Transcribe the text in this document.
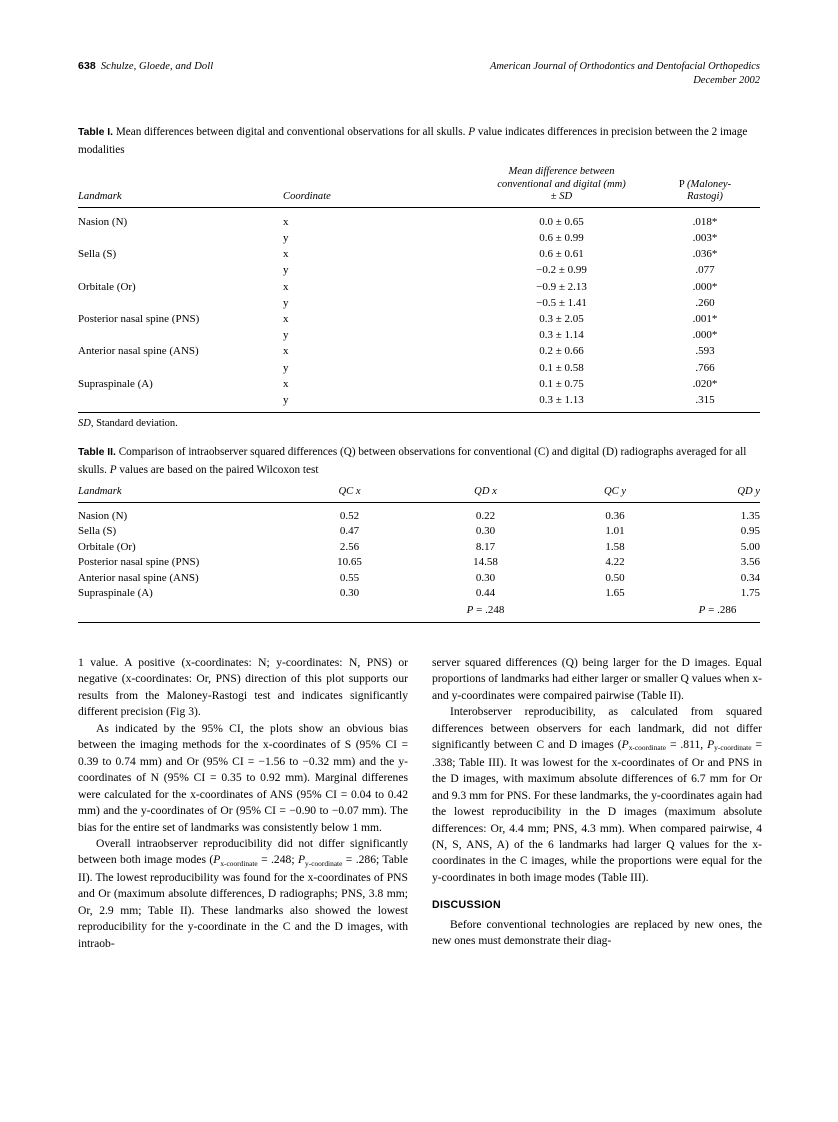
638 Schulze, Gloede, and Doll	American Journal of Orthodontics and Dentofacial Orthopedics
December 2002
Table I. Mean differences between digital and conventional observations for all skulls. P value indicates differences in precision between the 2 image modalities
Landmark	Coordinate	
Mean difference between
conventional and digital (mm)
± SD

P (Maloney-
Rastogi)

Nasion (N)	x	0.0 ± 0.65	.018*
	y	0.6 ± 0.99	.003*
Sella (S)	x	0.6 ± 0.61	.036*
	y	−0.2 ± 0.99	.077
Orbitale (Or)	x	−0.9 ± 2.13	.000*
	y	−0.5 ± 1.41	.260
Posterior nasal spine (PNS)	x	0.3 ± 2.05	.001*
	y	0.3 ± 1.14	.000*
Anterior nasal spine (ANS)	x	0.2 ± 0.66	.593
	y	0.1 ± 0.58	.766
Supraspinale (A)	x	0.1 ± 0.75	.020*
	y	0.3 ± 1.13	.315

SD, Standard deviation.
Table II. Comparison of intraobserver squared differences (Q) between observations for conventional (C) and digital (D) radiographs averaged for all skulls. P values are based on the paired Wilcoxon test
Landmark	QC x	QD x	QC y	QD y

Nasion (N)	0.52	0.22	0.36	1.35
Sella (S)	0.47	0.30	1.01	0.95
Orbitale (Or)	2.56	8.17	1.58	5.00
Posterior nasal spine (PNS)	10.65	14.58	4.22	3.56
Anterior nasal spine (ANS)	0.55	0.30	0.50	0.34
Supraspinale (A)	0.30	0.44	1.65	1.75
		P = .248		P = .286

1 value. A positive (x-coordinates: N; y-coordinates: N, PNS) or negative (x-coordinates: Or, PNS) direction of this plot supports our results from the Maloney-Rastogi test and indicates significantly different precision (Fig 3).

As indicated by the 95% CI, the plots show an obvious bias between the imaging methods for the x-coordinates of S (95% CI = 0.39 to 0.74 mm) and Or (95% CI = −1.56 to −0.32 mm) and the y-coordinates of N (95% CI = 0.35 to 0.92 mm). Marginal differenes were calculated for the x-coordinates of ANS (95% CI = 0.04 to 0.42 mm) and the y-coordinates of Or (95% CI = −0.90 to −0.07 mm). The bias for the entire set of landmarks was consistently below 1 mm.

Overall intraobserver reproducibility did not differ significantly between both image modes ($P_{x-coordinate} = .248$; $P_{y-coordinate} = .286$; Table II). The lowest reproducibility was found for the x-coordinates of PNS and Or (maximum absolute differences, D radiographs; PNS, 3.8 mm; Or, 2.9 mm; Table II). These landmarks also showed the lowest reproducibility for the y-coordinate in the C and the D images, with intraob-

server squared differences (Q) being larger for the D images. Equal proportions of landmarks had either larger or smaller Q values when x- and y-coordinates were compaired pairwise (Table II).

Interobserver reproducibility, as calculated from squared differences between observers for each landmark, did not differ significantly between C and D images ($P_{x-coordinate} = .811$, $P_{y-coordinate} = .338$; Table III). It was lowest for the x-coordinates of Or and PNS in the D images, with maximum absolute differences of 6.7 mm for Or and 9.3 mm for PNS. For these landmarks, the y-coordinates again had the lowest reproducibility in the D images (maximum absolute differences: Or, 4.4 mm; PNS, 4.3 mm). When compared pairwise, 4 (N, S, ANS, A) of the 6 landmarks had larger Q values for the x-coordinates in the C images, while the proportions were equal for the y-coordinates in both image modes (Table III).

DISCUSSION

Before conventional technologies are replaced by new ones, the new ones must demonstrate their diag-
